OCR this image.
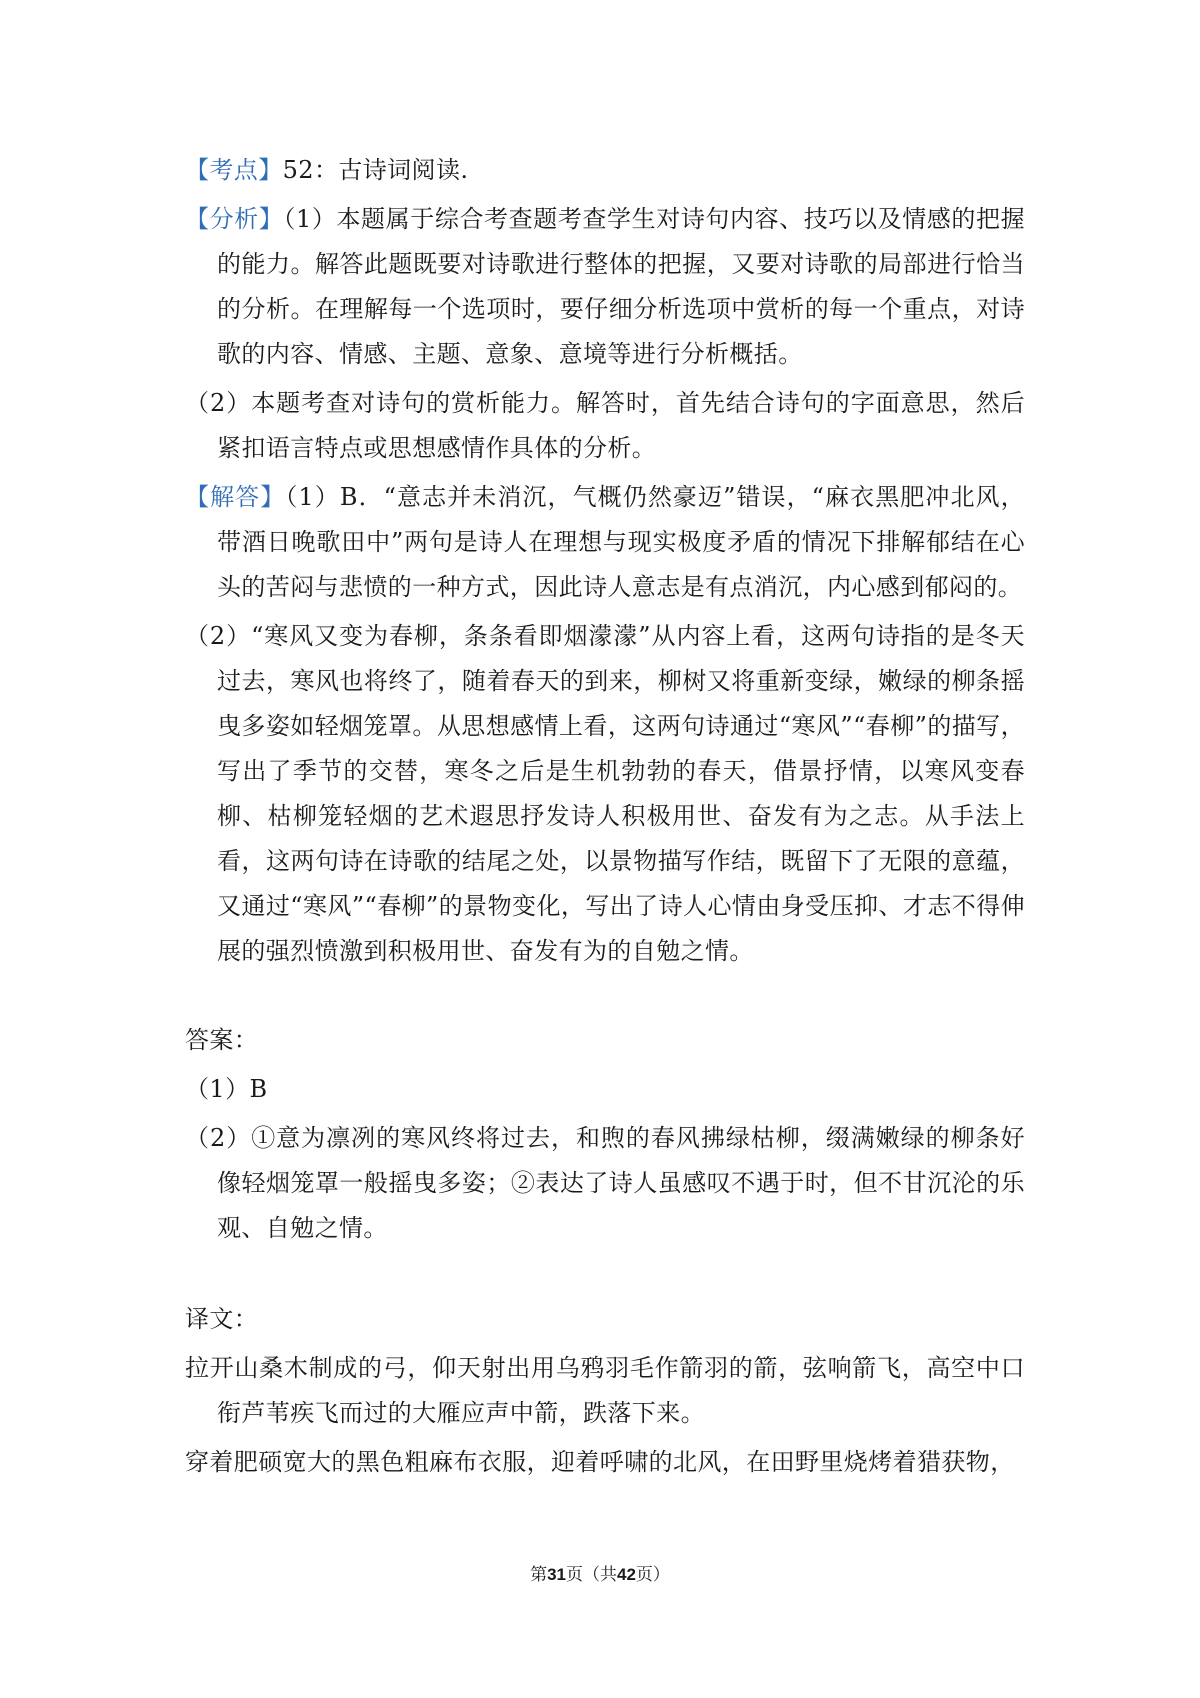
【考点】52：古诗词阅读.

【分析】（1）本题属于综合考查题考查学生对诗句内容、技巧以及情感的把握的能力。解答此题既要对诗歌进行整体的把握，又要对诗歌的局部进行恰当的分析。在理解每一个选项时，要仔细分析选项中赏析的每一个重点，对诗歌的内容、情感、主题、意象、意境等进行分析概括。

（2）本题考查对诗句的赏析能力。解答时，首先结合诗句的字面意思，然后紧扣语言特点或思想感情作具体的分析。

【解答】（1）B．“意志并未消沉，气概仍然豪迈”错误，“麻衣黑肥冲北风，带酒日晚歌田中”两句是诗人在理想与现实极度矛盾的情况下排解郁结在心头的苦闷与悲愤的一种方式，因此诗人意志是有点消沉，内心感到郁闷的。

（2）“寒风又变为春柳，条条看即烟濛濛”从内容上看，这两句诗指的是冬天过去，寒风也将终了，随着春天的到来，柳树又将重新变绿，嫩绿的柳条摇曳多姿如轻烟笼罩。从思想感情上看，这两句诗通过“寒风”“春柳”的描写，写出了季节的交替，寒冬之后是生机勃勃的春天，借景抒情，以寒风变春柳、枯柳笼轻烟的艺术遐思抒发诗人积极用世、奋发有为之志。从手法上看，这两句诗在诗歌的结尾之处，以景物描写作结，既留下了无限的意蕴，又通过“寒风”“春柳”的景物变化，写出了诗人心情由身受压抑、才志不得伸展的强烈愤激到积极用世、奋发有为的自勉之情。

答案：

（1）B

（2）①意为凛冽的寒风终将过去，和煦的春风拂绿枯柳，缀满嫩绿的柳条好像轻烟笼罩一般摇曳多姿；②表达了诗人虽感叹不遇于时，但不甘沉沦的乐观、自勉之情。

译文：

拉开山桑木制成的弓，仰天射出用乌鸦羽毛作箭羽的箭，弦响箭飞，高空中口衔芦苇疾飞而过的大雁应声中箭，跌落下来。

穿着肥硕宽大的黑色粗麻布衣服，迎着呼啸的北风，在田野里烧烤着猎获物，

第31页（共42页）
